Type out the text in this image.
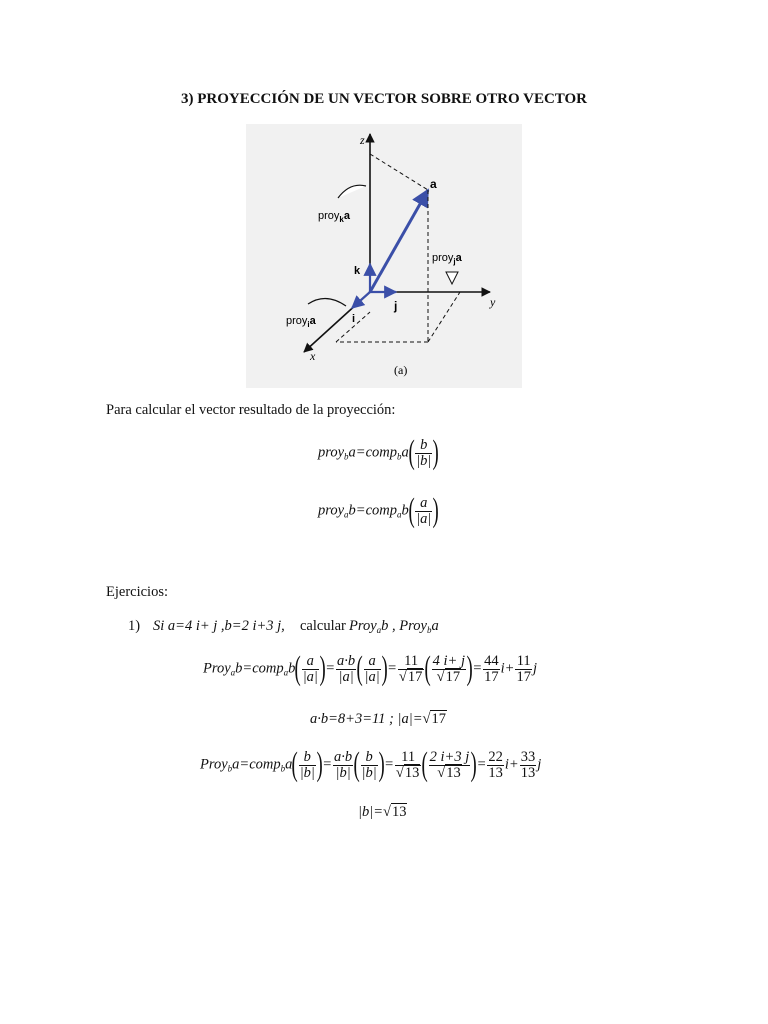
3) PROYECCIÓN DE UN VECTOR SOBRE OTRO VECTOR
z
y
x
a
k
j
i
proy$_k$a
proy$_j$a
proy$_i$a
(a)
Para calcular el vector resultado de la proyección:
proy$_b$a=comp$_b$a( $\frac{b}{|b|}$ )
proy$_a$b=comp$_a$b( $\frac{a}{|a|}$ )
Ejercicios:
1) Si a=4 i+ j ,b=2 i+3 j, calcular Proy$_a$b , Proy$_b$a
Proy$_a$b=comp$_a$b( $\frac{a}{|a|}$ )= $\frac{a\cdot b}{|a|}$ ( $\frac{a}{|a|}$ )= $\frac{11}{√17}$ ( $\frac{4 i+ j}{√17}$ )= $\frac{44}{17} i+ \frac{11}{17}$ j
a·b=8+3=11 ; |a|=√17
Proy$_b$a=comp$_b$a( $\frac{b}{|b|}$ )= $\frac{a\cdot b}{|b|}$ ( $\frac{b}{|b|}$ )= $\frac{11}{√13}$ ( $\frac{2 i+3 j}{√13}$ )= $\frac{22}{13} i+ \frac{33}{13}$ j
|b|=√13
